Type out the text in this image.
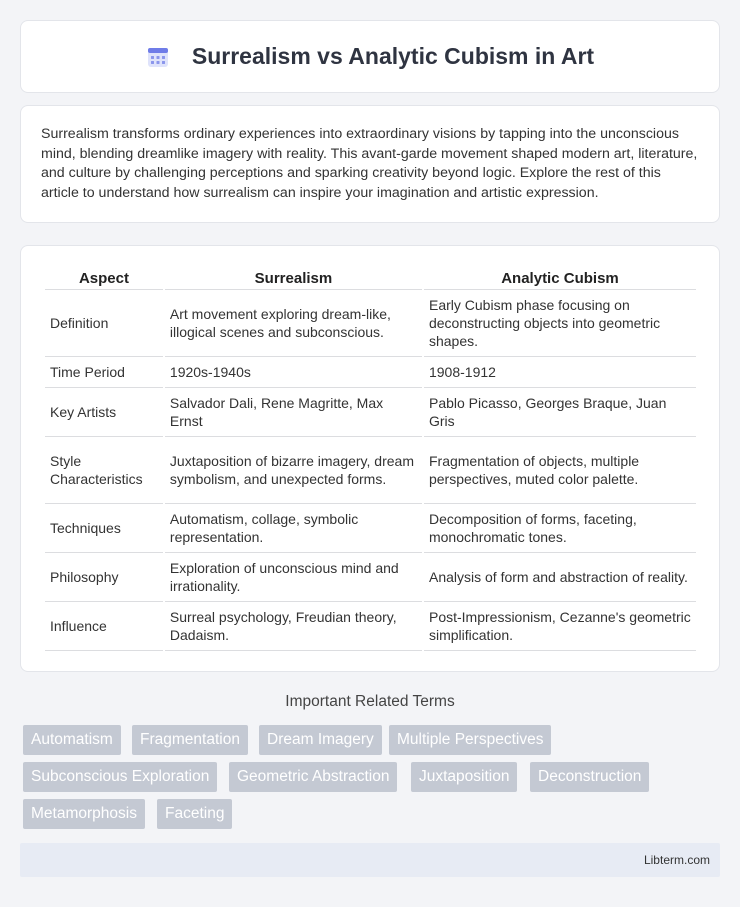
Surrealism vs Analytic Cubism in Art

Surrealism transforms ordinary experiences into extraordinary visions by tapping into the unconscious mind, blending dreamlike imagery with reality. This avant-garde movement shaped modern art, literature, and culture by challenging perceptions and sparking creativity beyond logic. Explore the rest of this article to understand how surrealism can inspire your imagination and artistic expression.

Aspect	Surrealism	Analytic Cubism
Definition	Art movement exploring dream-like, illogical scenes and subconscious.	Early Cubism phase focusing on deconstructing objects into geometric shapes.
Time Period	1920s-1940s	1908-1912
Key Artists	Salvador Dali, Rene Magritte, Max Ernst	Pablo Picasso, Georges Braque, Juan Gris
Style Characteristics	Juxtaposition of bizarre imagery, dream symbolism, and unexpected forms.	Fragmentation of objects, multiple perspectives, muted color palette.
Techniques	Automatism, collage, symbolic representation.	Decomposition of forms, faceting, monochromatic tones.
Philosophy	Exploration of unconscious mind and irrationality.	Analysis of form and abstraction of reality.
Influence	Surreal psychology, Freudian theory, Dadaism.	Post-Impressionism, Cezanne's geometric simplification.
Important Related Terms
Automatism	Fragmentation	Dream Imagery	Multiple Perspectives
Subconscious Exploration	Geometric Abstraction	Juxtaposition	Deconstruction
Metamorphosis	Faceting
Libterm.com
